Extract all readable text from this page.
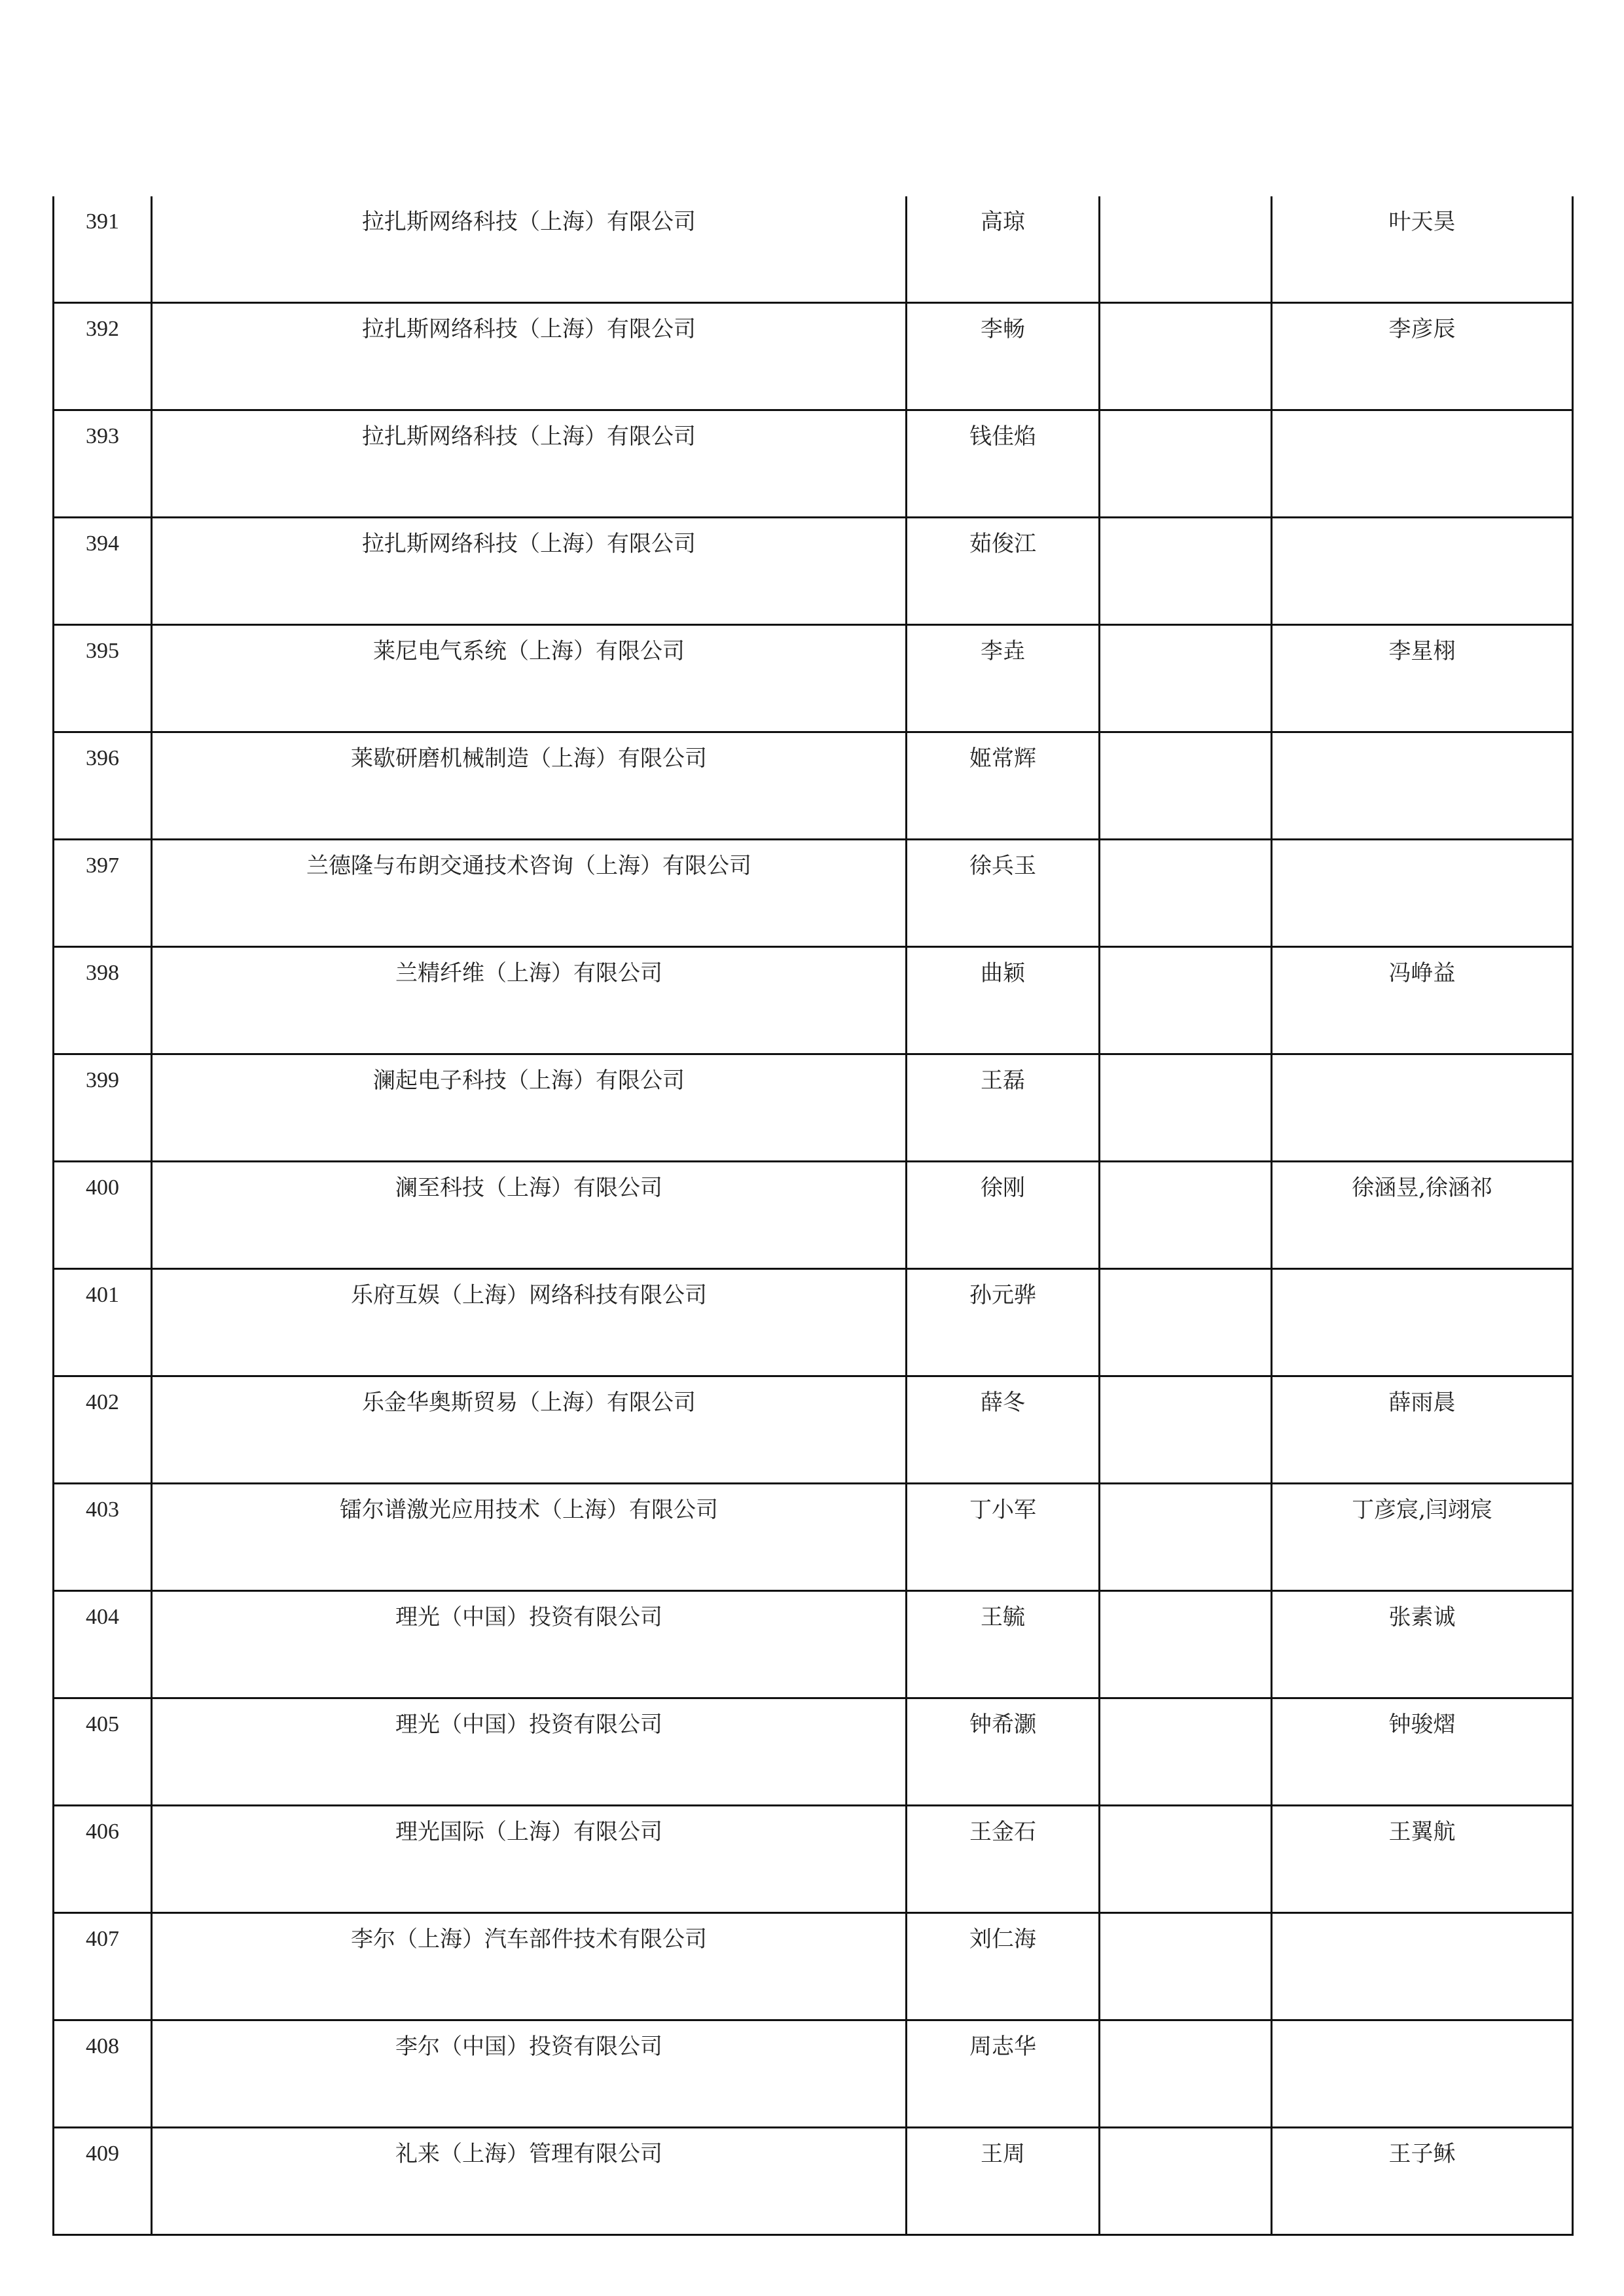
391	拉扎斯网络科技（上海）有限公司	高琼		叶天昊
392	拉扎斯网络科技（上海）有限公司	李畅		李彦辰
393	拉扎斯网络科技（上海）有限公司	钱佳焰		
394	拉扎斯网络科技（上海）有限公司	茹俊江		
395	莱尼电气系统（上海）有限公司	李垚		李星栩
396	莱歇研磨机械制造（上海）有限公司	姬常辉		
397	兰德隆与布朗交通技术咨询（上海）有限公司	徐兵玉		
398	兰精纤维（上海）有限公司	曲颖		冯峥益
399	澜起电子科技（上海）有限公司	王磊		
400	澜至科技（上海）有限公司	徐刚		徐涵昱,徐涵祁
401	乐府互娱（上海）网络科技有限公司	孙元骅		
402	乐金华奥斯贸易（上海）有限公司	薛冬		薛雨晨
403	镭尔谱激光应用技术（上海）有限公司	丁小军		丁彦宸,闫翊宸
404	理光（中国）投资有限公司	王毓		张素诚
405	理光（中国）投资有限公司	钟希灏		钟骏熠
406	理光国际（上海）有限公司	王金石		王翼航
407	李尔（上海）汽车部件技术有限公司	刘仁海		
408	李尔（中国）投资有限公司	周志华		
409	礼来（上海）管理有限公司	王周		王子稣
